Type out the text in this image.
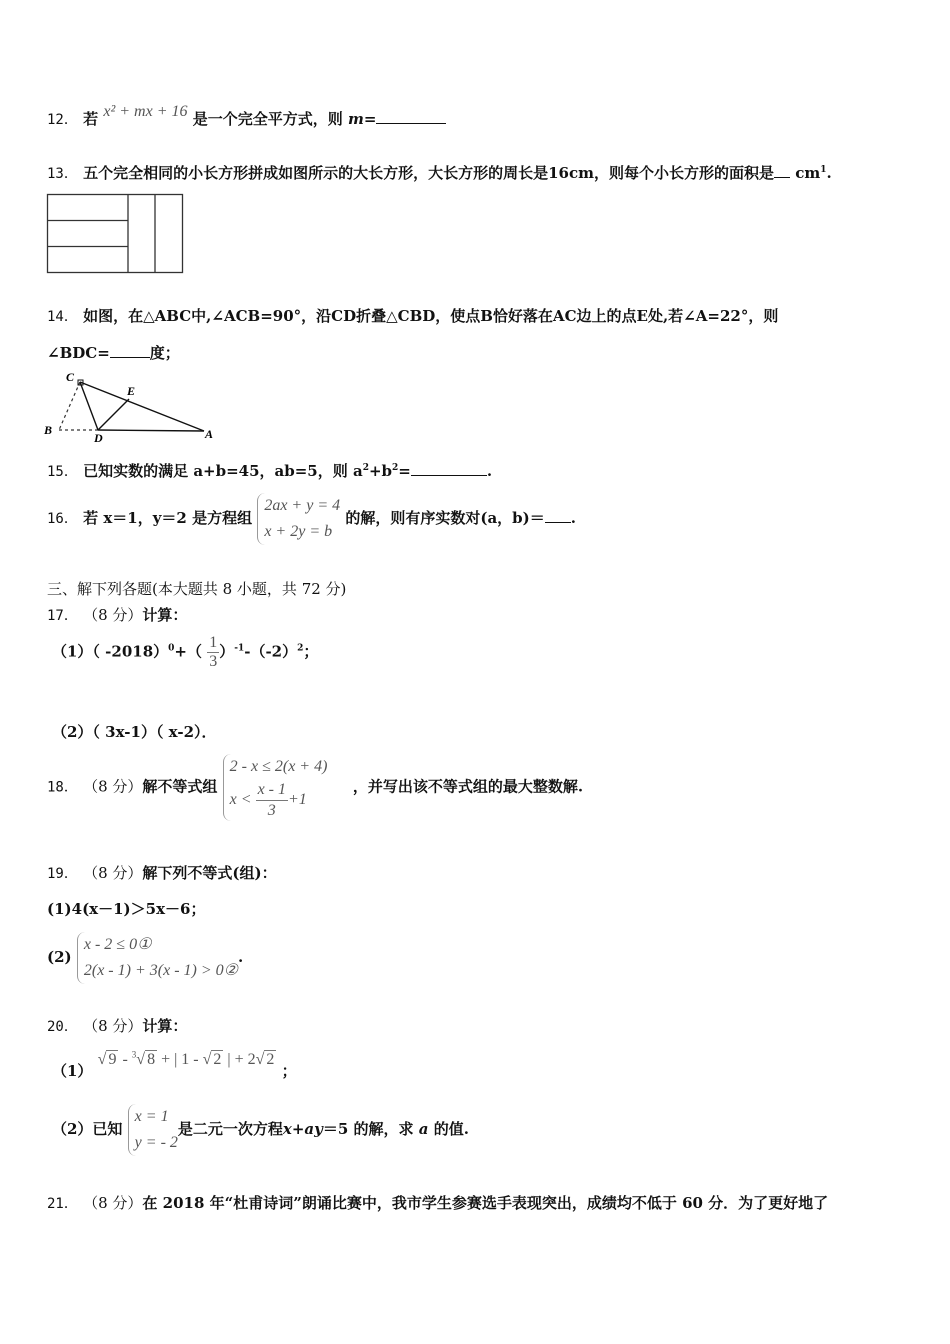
12． 若 x² + mx + 16 是一个完全平方式，则 m=
13． 五个完全相同的小长方形拼成如图所示的大长方形，大长方形的周长是16cm，则每个小长方形的面积是 $cm^1$.
14． 如图，在△ABC中,∠ACB=90°，沿CD折叠△CBD，使点B恰好落在AC边上的点E处,若∠A=22°，则
∠BDC=	度；
C
E
B
D	A
15． 已知实数的满足 a+b=45，ab=5，则 $a^2+b^2=$	.
16． 若 x＝1，y＝2 是方程组
2ax + y = 4
x + 2y = b
的解，则有序实数对(a，b)＝ .
三、解下列各题(本大题共 8 小题，共 72 分)
17． （8 分）计算：
（1）（ $-2018)^0+( \frac{1}{3} )^{-1}-(-2)^2$；
（2）（ 3x-1）（ x-2）．
18． （8 分）解不等式组
2 - x ≤ 2(x + 4)
$x < \frac{x - 1}{3} +1$
，并写出该不等式组的最大整数解.
19． （8 分）解下列不等式(组)：
(1)4(x－1)＞5x－6；
(2)
x - 2 ≤ 0①
2(x - 1) + 3(x - 1) > 0②
.
20． （8 分）计算：
（1） √ 9 - $^3$√ 8 + | 1 - √ 2 | + 2√ 2 ；
（2）已知
x = 1
y = - 2
是二元一次方程x+ay＝5 的解，求 a 的值.
21． （8 分）在 2018 年“杜甫诗词”朗诵比赛中，我市学生参赛选手表现突出，成绩均不低于 60 分．为了更好地了
